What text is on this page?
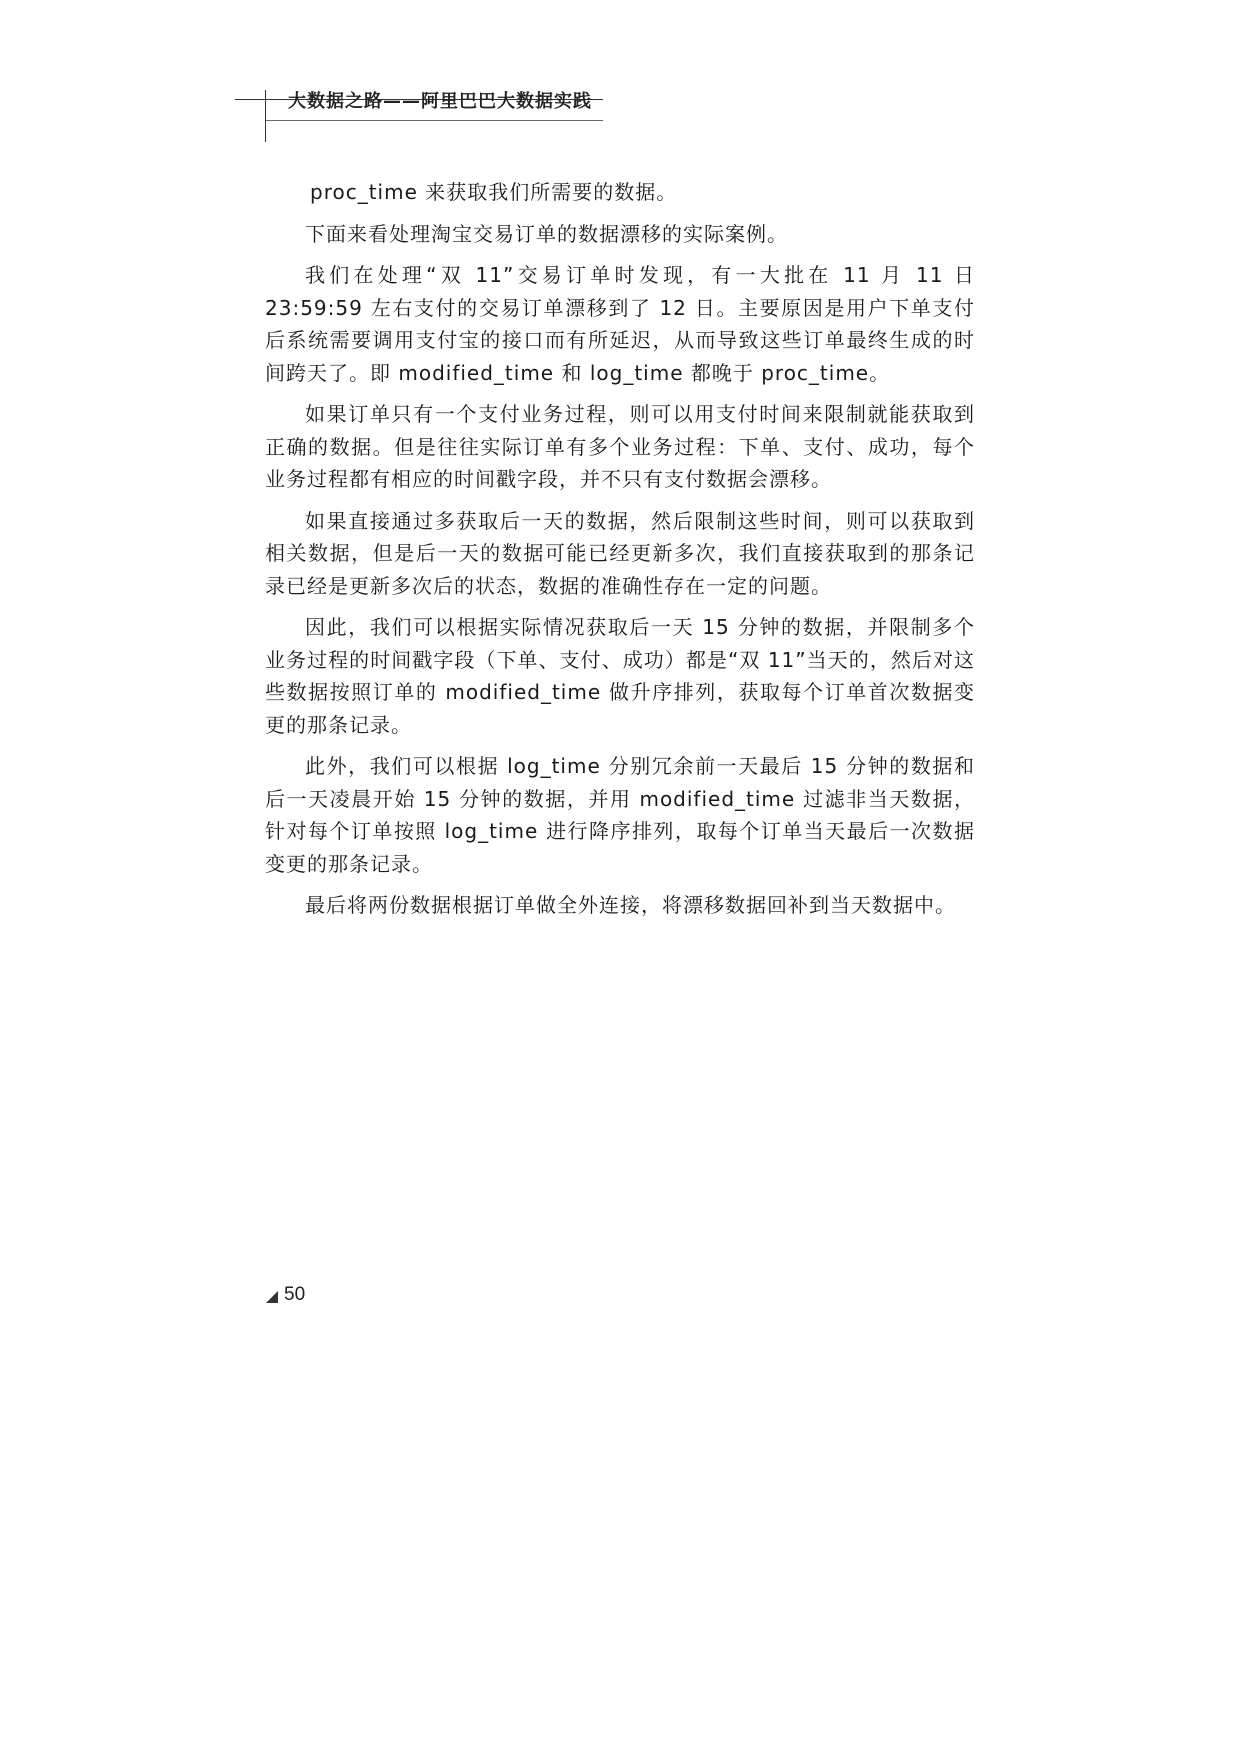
大数据之路——阿里巴巴大数据实践

proc_time 来获取我们所需要的数据。

下面来看处理淘宝交易订单的数据漂移的实际案例。

我们在处理“双 11”交易订单时发现，有一大批在 11 月 11 日 23:59:59 左右支付的交易订单漂移到了 12 日。主要原因是用户下单支付后系统需要调用支付宝的接口而有所延迟，从而导致这些订单最终生成的时间跨天了。即 modified_time 和 log_time 都晚于 proc_time。

如果订单只有一个支付业务过程，则可以用支付时间来限制就能获取到正确的数据。但是往往实际订单有多个业务过程：下单、支付、成功，每个业务过程都有相应的时间戳字段，并不只有支付数据会漂移。

如果直接通过多获取后一天的数据，然后限制这些时间，则可以获取到相关数据，但是后一天的数据可能已经更新多次，我们直接获取到的那条记录已经是更新多次后的状态，数据的准确性存在一定的问题。

因此，我们可以根据实际情况获取后一天 15 分钟的数据，并限制多个业务过程的时间戳字段（下单、支付、成功）都是“双 11”当天的，然后对这些数据按照订单的 modified_time 做升序排列，获取每个订单首次数据变更的那条记录。

此外，我们可以根据 log_time 分别冗余前一天最后 15 分钟的数据和后一天凌晨开始 15 分钟的数据，并用 modified_time 过滤非当天数据，针对每个订单按照 log_time 进行降序排列，取每个订单当天最后一次数据变更的那条记录。

最后将两份数据根据订单做全外连接，将漂移数据回补到当天数据中。

50
